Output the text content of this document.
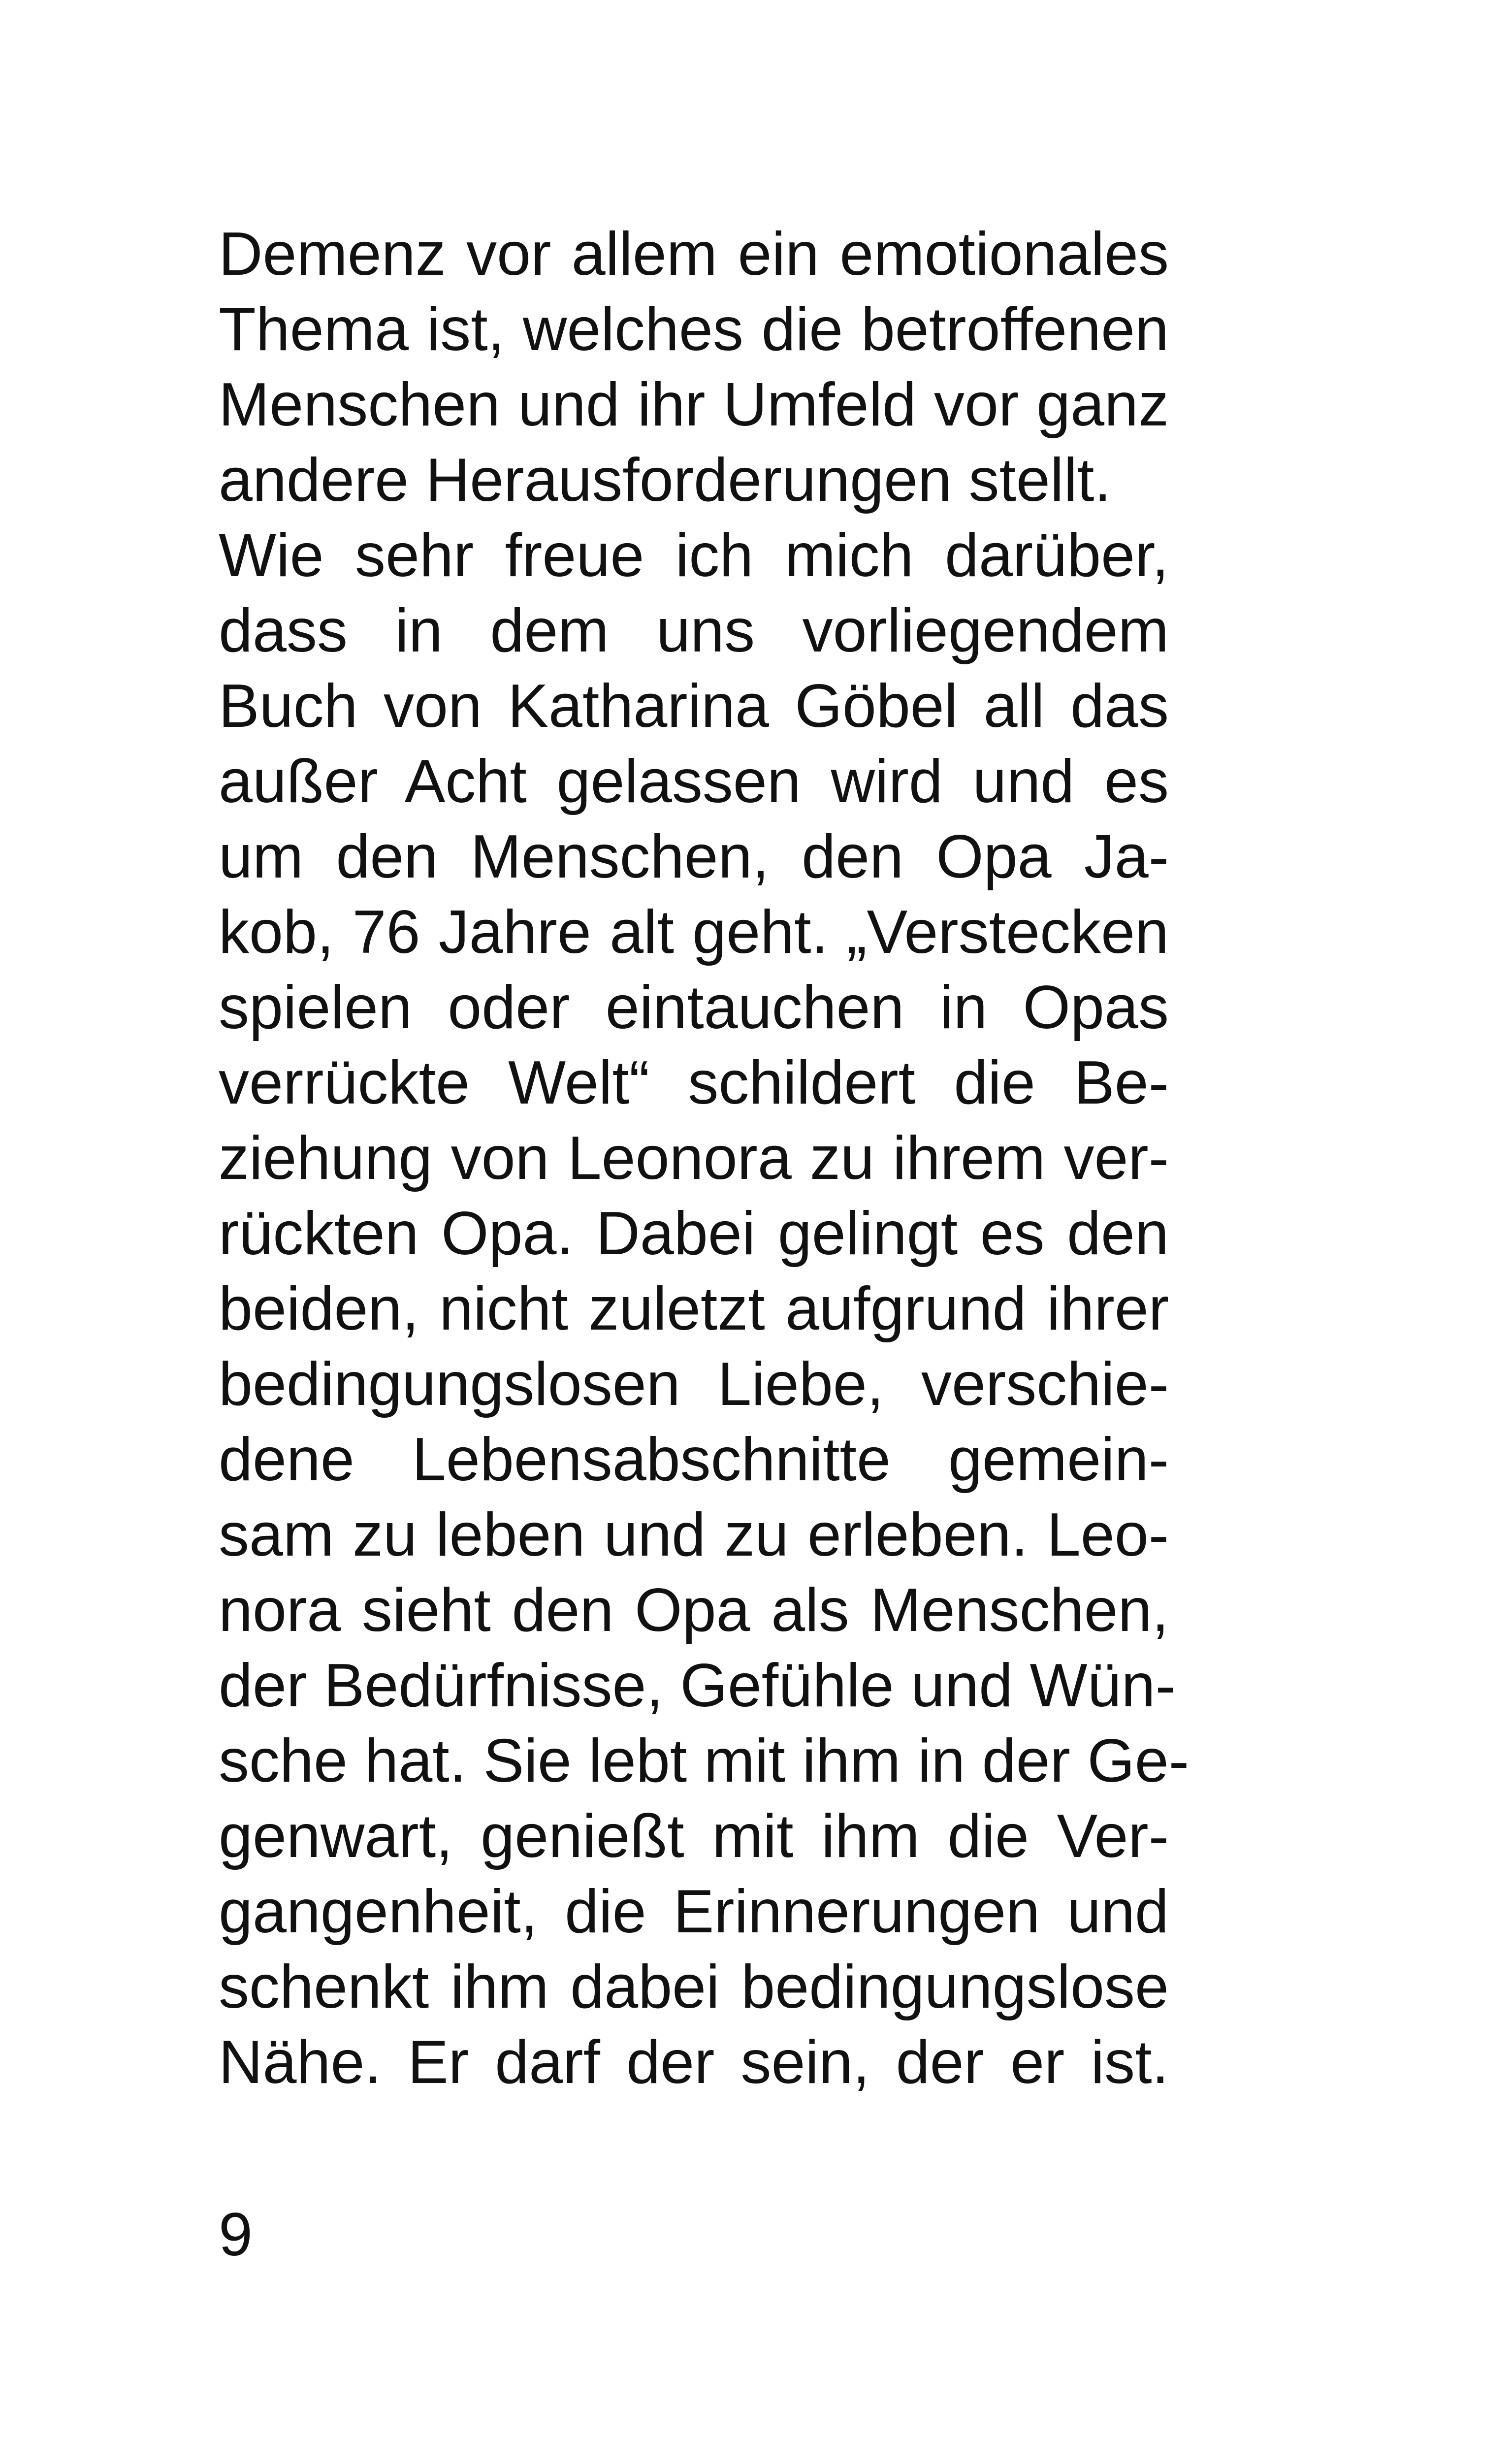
Demenz vor allem ein emotionales
Thema ist, welches die betroffenen
Menschen und ihr Umfeld vor ganz
andere Herausforderungen stellt.
Wie sehr freue ich mich darüber,
dass in dem uns vorliegendem
Buch von Katharina Göbel all das
außer Acht gelassen wird und es
um den Menschen, den Opa Ja-
kob, 76 Jahre alt geht. „Verstecken
spielen oder eintauchen in Opas
verrückte Welt“ schildert die Be-
ziehung von Leonora zu ihrem ver-
rückten Opa. Dabei gelingt es den
beiden, nicht zuletzt aufgrund ihrer
bedingungslosen Liebe, verschie-
dene Lebensabschnitte gemein-
sam zu leben und zu erleben. Leo-
nora sieht den Opa als Menschen,
der Bedürfnisse, Gefühle und Wün-
sche hat. Sie lebt mit ihm in der Ge-
genwart, genießt mit ihm die Ver-
gangenheit, die Erinnerungen und
schenkt ihm dabei bedingungslose
Nähe. Er darf der sein, der er ist.
9
